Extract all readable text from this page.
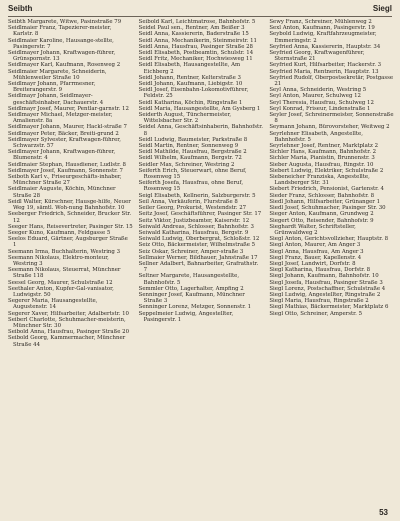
Seibth	Siegl
Seibth Margarete, Witwe, Pasinstraße 79
Seidlmaier Franz, Tapezierer-meister, Karlstr. 8
Seidlmaier Karoline, Hausange-stellte, Pasingerstr. 7
Seidlmayer Johann, Kraftwagen-führer, Grünspornstr. 13
Seidlmayer Karl, Kaufmann, Rosenweg 2
Seidlmaier Margarete, Schneiderin, Mühlenweiler Straße 10
Seidlmayr Johann, Pfarrmesner, Breiterangerstr. 9
Seidlmayr Johann, Seidlmayer-geschäftsinhaber, Dachauerstr. 4
Seidlmayr Josef, Maurer, Pentlar-garnstr. 12
Seidlmayer Michael, Metzger-meister, Amalienstr. 8a
Seidlmayer Johann, Maurer, Hackl-straße 7
Seidlmayer Peter, Bäcker, Breiti-grund 2
Seidlmayer Sylvester, Kraftwagen-führer, Schwarzstr. 57
Seidlmayer Johann, Kraftwagen-führer, Blumenstr. 4
Seidlmaier Stephan, Hausdiener, Ludlstr. 8
Seidlmayer Josef, Kaufmann, Sonnenstr. 7
Seiboth Karl v., Friseurgeschäfts-inhaber, Münchner Straße 27
Seidlmaier Auguste, Köchin, Münchner Straße 28
Seidl Walter, Kürschner, Hausge-hilfe, Neuer Weg 19, sämtl. Woh-nung Bahnhofstr. 10
Seeberger Friedrich, Schneider, Brucker Str. 12
Seeger Hans, Reisevertreter, Pasinger Str. 15
Seeger Kuno, Kaufmann, Feldgasse 5
Seelos Eduard, Gärtner, Augsburger Straße 1
Seemann Irma, Buchhalterin, Westring 3
Seemann Nikolaus, Elektro-monteur, Westring 3
Seemann Nikolaus, Steuerrat, Münchner Straße 118
Seesel Georg, Maurer, Schulstraße 12
Seethaler Anton, Kupfer-Gal-vanisator, Ludwigstr. 50
Segerer Maria, Hausangestellte, Augustenstr. 14
Segerer Xaver, Hilfsarbeiter, Adalbertstr. 10
Seiberl Charlotte, Schuhmacher-meisterin, Münchner Str. 30
Seibold Anna, Hausfrau, Pasinger Straße 20
Seibold Georg, Kammermacher, Münchner Straße 44
Seibold Karl, Leichtmatrose, Bahnhofstr. 5
Seidel Paul sen., Rentner, Am Beißer 3
Seidl Anna, Kassiererin, Baderstraße 15
Seidl Anna, Mechanikerin, Steinmeirstr. 11
Seidl Anna, Hausfrau, Pasinger Straße 28
Seidl Elisabeth, Postbeamtin, Schulstr. 14
Seidl Fritz, Mechaniker, Hochwiesweg 11
Seidl Elisabeth, Hausangestellte, Am Eichberg 2
Seidl Johann, Rentner, Kelterstraße 3
Seidl Johann, Kaufmann, Liebigstr. 10
Seidl Josef, Eisenbahn-Lokomotivführer, Feldstr. 25
Seidl Katharina, Köchin, Ringstraße 1
Seidl Maria, Hausangestellte, Am Gysberg 1
Seiderth August, Tünchermeister, Wittelsbacher Str. 2
Seidel Anna, Geschäftsinhaberin, Bahnhofstr. 8
Seidl Ludwig, Baumeister, Parkstraße 8
Seidl Martin, Rentner, Sonnenweg 9
Seidl Mathilde, Hausfrau, Bergstraße 2
Seidl Wilhelm, Kaufmann, Bergstr. 72
Seidler Max, Schreiner, Westring 2
Seiferth Erich, Steuerwart, ohne Beruf, Rosenweg 15
Seiferth Josefa, Hausfrau, ohne Beruf, Rosenweg 15
Seigl Elisabeth, Kellnerin, Salzburgerstr. 5
Seil Anna, Verkäuferin, Flurstraße 8
Seiler Georg, Prokurist, Westendstr. 27
Seitz Josef, Geschäftsführer, Pasinger Str. 17
Seitz Viktor, Justizbeamter, Kaiserstr. 12
Seiwald Andreas, Schlosser, Bahnhofstr. 3
Seiwald Katharina, Hausfrau, Bergstr. 9
Seiwald Ludwig, Oberbergrat, Schloßstr. 12
Seiz Otto, Bäckermeister, Wilhelmstraße 5
Seiz Oskar, Schreiner, Amper-straße 3
Sellmaier Werner, Bildhauer, Jahnstraße 17
Sellner Adalbert, Bahnarbeiter, Grafrathstr. 7
Seltner Margarete, Hausangestellte, Bahnhofstr. 5
Semmler Otto, Lagerhalter, Ampfing 2
Senninger Josef, Kaufmann, Münchner Straße 3
Senninger Lorenz, Metzger, Sonnenstr. 1
Seppelmeier Ludwig, Angestellter, Pasingerstr. 1
Sewy Franz, Schreiner, Mühlenweg 2
Sexl Anton, Kaufmann, Pasingerstr. 19
Seybold Ludwig, Kraftfahrzeugmeister, Emmeringstr. 2
Seyfried Anna, Kassiererin, Hauptstr. 34
Seyfried Georg, Kraftwagenführer, Sternstraße 21
Seyfried Kurt, Hilfsarbeiter, Hackerstr. 3
Seyfried Maria, Rentnerin, Hauptstr. 13
Seyfried Rudolf, Oberpostsekretär, Postgasse 21
Seyl Anna, Schneiderin, Westring 5
Seyl Anton, Maurer, Schulweg 12
Seyl Theresia, Hausfrau, Schulweg 12
Seyl Konrad, Friseur, Lindenstraße 1
Seyler Josef, Schreinermeister, Sonnenstraße 8
Seymann Johann, Bürovorsteher, Weitweg 2
Seyrlehner Elisabeth, Angestellte, Bahnhofstr. 5
Seyrlehner Josef, Rentner, Marktplatz 2
Sichler Hans, Kaufmann, Bahnhofstr. 2
Sichler Maria, Pianistin, Brunnenstr. 3
Sieber Augusta, Hausfrau, Ringstr. 10
Siebert Ludwig, Elektriker, Schulstraße 2
Siebeneicher Franziska, Angestellte, Landsberger Str. 31
Siebert Friedrich, Pensionist, Gartenstr. 4
Sieder Franz, Schlosser, Bahnhofstr. 8
Siedl Johann, Hilfsarbeiter, Grünanger 1
Siedl Josef, Schuhmacher, Pasinger Str. 30
Sieger Anton, Kaufmann, Grundweg 2
Siegert Otto, Reisender, Bahnhofstr. 9
Sieghardt Walter, Schriftsteller, Grünwaldweg 2
Siegl Anton, Gerichtsvollzieher, Hauptstr. 8
Siegl Anton, Maurer, Am Anger 3
Siegl Anna, Hausfrau, Am Anger 3
Siegl Franz, Bauer, Kapellenstr. 4
Siegl Josef, Landwirt, Dorfstr. 8
Siegl Katharina, Hausfrau, Dorfstr. 8
Siegl Johann, Kaufmann, Bahnhofstr. 10
Siegl Josefa, Hausfrau, Pasinger Straße 3
Siegl Lorenz, Postschaffner, Schulstraße 4
Siegl Ludwig, Angestellter, Ringstraße 2
Siegl Maria, Hausfrau, Ringstraße 2
Siegl Mathias, Bäckermeister, Marktplatz 6
Siegl Otto, Schreiner, Amperstr. 5
53
